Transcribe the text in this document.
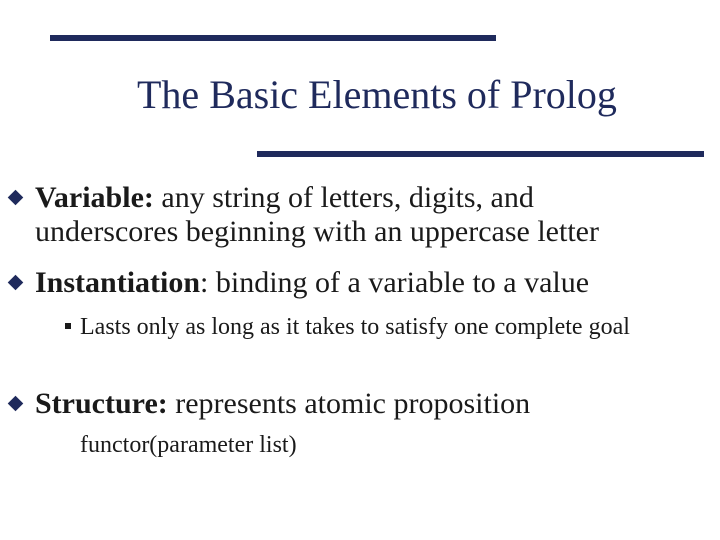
The Basic Elements of Prolog
Variable: any string of letters, digits, and underscores beginning with an uppercase letter
Instantiation: binding of a variable to a value
Lasts only as long as it takes to satisfy one complete goal
Structure: represents atomic proposition
functor(parameter list)
